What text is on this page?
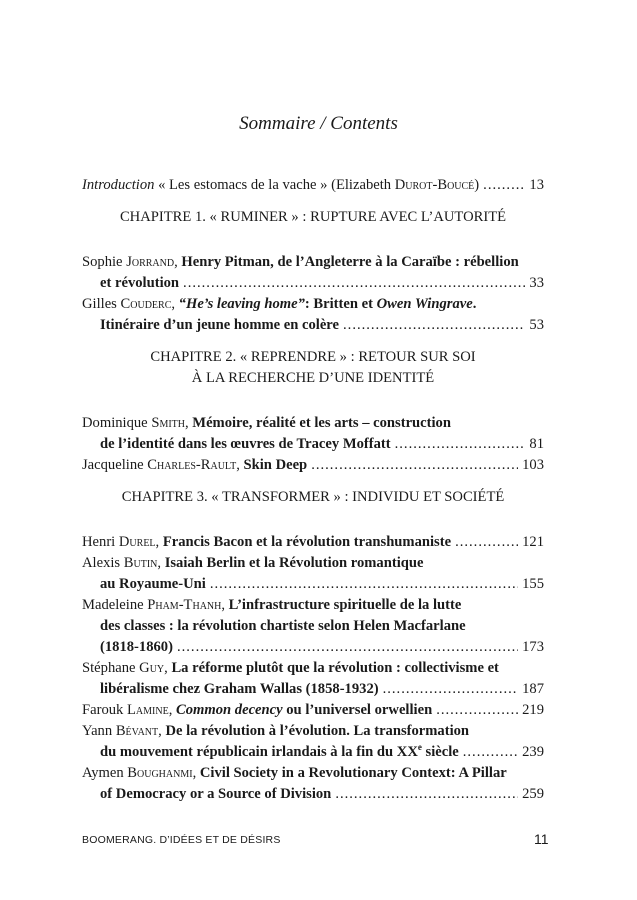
Sommaire / Contents
Introduction « Les estomacs de la vache » (Elizabeth Durot-Boucé) .....	13
CHAPITRE 1. « RUMINER » : RUPTURE AVEC L’AUTORITÉ
Sophie Jorrand, Henry Pitman, de l’Angleterre à la Caraïbe : rébellion
et révolution .....	33
Gilles Couderc, “He’s leaving home”: Britten et Owen Wingrave.
Itinéraire d’un jeune homme en colère .....	53
CHAPITRE 2. « REPRENDRE » : RETOUR SUR SOI
À LA RECHERCHE D’UNE IDENTITÉ
Dominique Smith, Mémoire, réalité et les arts – construction
de l’identité dans les œuvres de Tracey Moffatt .....	81
Jacqueline Charles-Rault, Skin Deep .....	103
CHAPITRE 3. « TRANSFORMER » : INDIVIDU ET SOCIÉTÉ
Henri Durel, Francis Bacon et la révolution transhumaniste .....	121
Alexis Butin, Isaiah Berlin et la Révolution romantique
au Royaume-Uni .....	155
Madeleine Pham-Thanh, L’infrastructure spirituelle de la lutte
des classes : la révolution chartiste selon Helen Macfarlane
(1818-1860) .....	173
Stéphane Guy, La réforme plutôt que la révolution : collectivisme et
libéralisme chez Graham Wallas (1858-1932) .....	187
Farouk Lamine, Common decency ou l’universel orwellien .....	219
Yann Bévant, De la révolution à l’évolution. La transformation
du mouvement républicain irlandais à la fin du XXe siècle .....	239
Aymen Boughanmi, Civil Society in a Revolutionary Context: A Pillar
of Democracy or a Source of Division .....	259
BOOMERANG. D’IDÉES ET DE DÉSIRS	11
